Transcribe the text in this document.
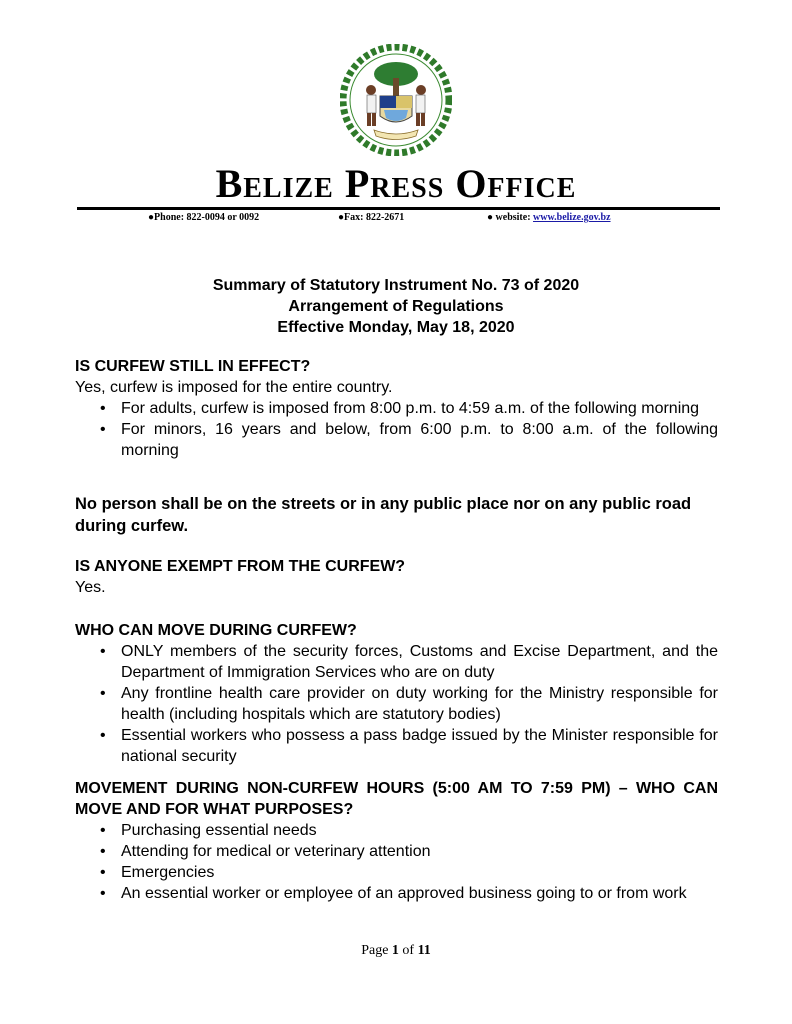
Belize Press Office
●Phone: 822-0094 or 0092	●Fax: 822-2671	● website: www.belize.gov.bz
Summary of Statutory Instrument No. 73 of 2020
Arrangement of Regulations
Effective Monday, May 18, 2020
IS CURFEW STILL IN EFFECT?
Yes, curfew is imposed for the entire country.
• For adults, curfew is imposed from 8:00 p.m. to 4:59 a.m. of the following morning
• For minors, 16 years and below, from 6:00 p.m. to 8:00 a.m. of the following morning
No person shall be on the streets or in any public place nor on any public road during curfew.
IS ANYONE EXEMPT FROM THE CURFEW?
Yes.
WHO CAN MOVE DURING CURFEW?
• ONLY members of the security forces, Customs and Excise Department, and the Department of Immigration Services who are on duty
• Any frontline health care provider on duty working for the Ministry responsible for health (including hospitals which are statutory bodies)
• Essential workers who possess a pass badge issued by the Minister responsible for national security
MOVEMENT DURING NON-CURFEW HOURS (5:00 AM TO 7:59 PM) – WHO CAN MOVE AND FOR WHAT PURPOSES?
• Purchasing essential needs
• Attending for medical or veterinary attention
• Emergencies
• An essential worker or employee of an approved business going to or from work
Page 1 of 11
